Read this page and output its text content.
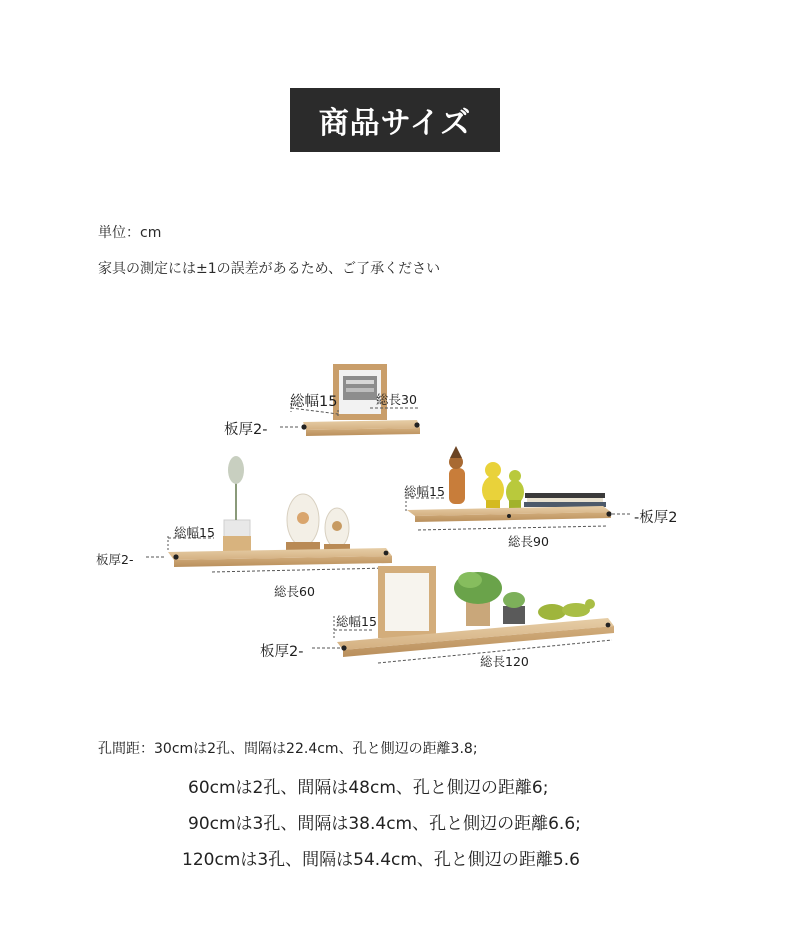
商品サイズ
単位：cm
家具の測定には±1の誤差があるため、ご了承ください
総幅15	総長30
板厚2-
総幅15
総長90
-板厚2
総幅15
総長60
板厚2-
総幅15
総長120
板厚2-
孔間距：30cmは2孔、間隔は22.4cm、孔と側辺の距離3.8;
60cmは2孔、間隔は48cm、孔と側辺の距離6;
90cmは3孔、間隔は38.4cm、孔と側辺の距離6.6;
120cmは3孔、間隔は54.4cm、孔と側辺の距離5.6
